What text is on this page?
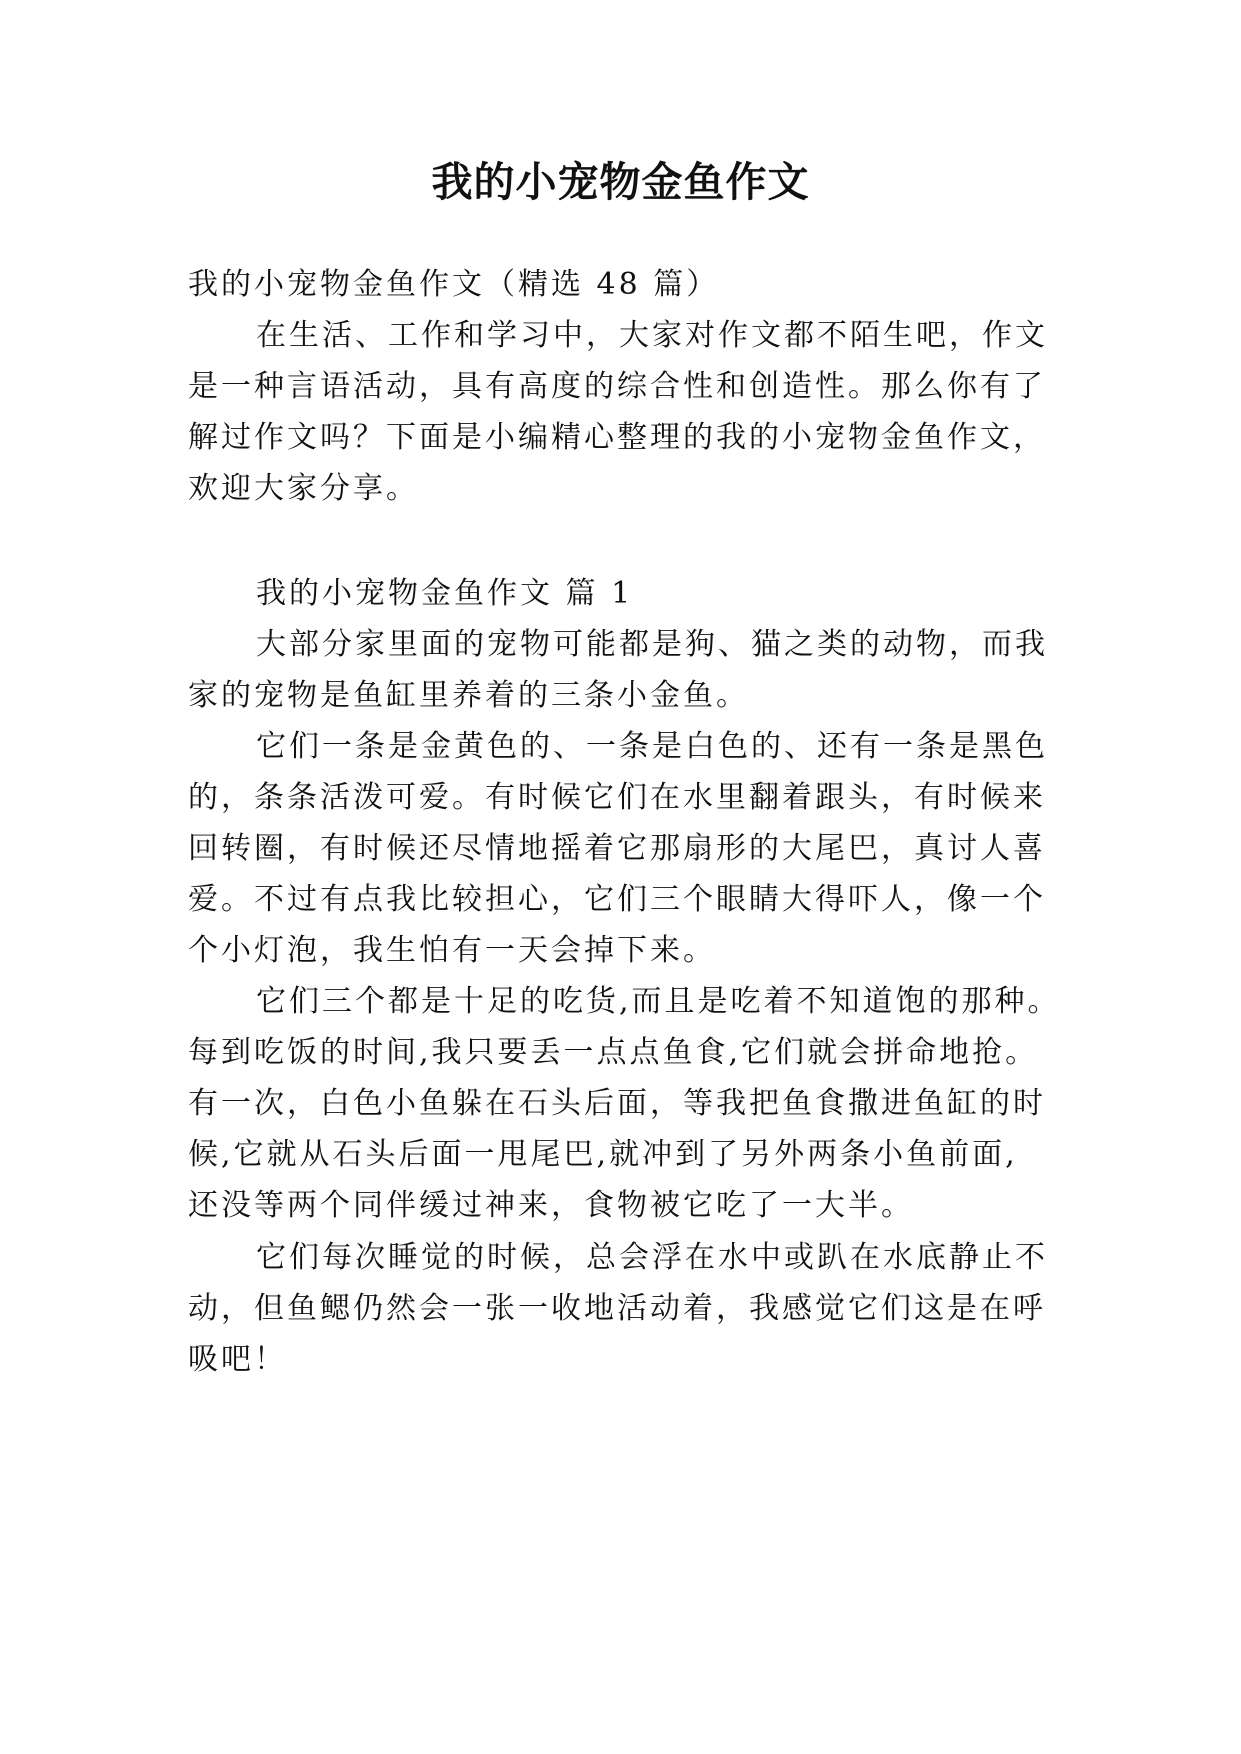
我的小宠物金鱼作文

我的小宠物金鱼作文（精选 48 篇）

在生活、工作和学习中，大家对作文都不陌生吧，作文

是一种言语活动，具有高度的综合性和创造性。那么你有了

解过作文吗？下面是小编精心整理的我的小宠物金鱼作文，

欢迎大家分享。

我的小宠物金鱼作文 篇 1

大部分家里面的宠物可能都是狗、猫之类的动物，而我

家的宠物是鱼缸里养着的三条小金鱼。

它们一条是金黄色的、一条是白色的、还有一条是黑色

的，条条活泼可爱。有时候它们在水里翻着跟头，有时候来

回转圈，有时候还尽情地摇着它那扇形的大尾巴，真讨人喜

爱。不过有点我比较担心，它们三个眼睛大得吓人，像一个

个小灯泡，我生怕有一天会掉下来。

它们三个都是十足的吃货,而且是吃着不知道饱的那种。

每到吃饭的时间,我只要丢一点点鱼食,它们就会拼命地抢。

有一次，白色小鱼躲在石头后面，等我把鱼食撒进鱼缸的时

候,它就从石头后面一甩尾巴,就冲到了另外两条小鱼前面,

还没等两个同伴缓过神来，食物被它吃了一大半。

它们每次睡觉的时候，总会浮在水中或趴在水底静止不

动，但鱼鳃仍然会一张一收地活动着，我感觉它们这是在呼

吸吧！
